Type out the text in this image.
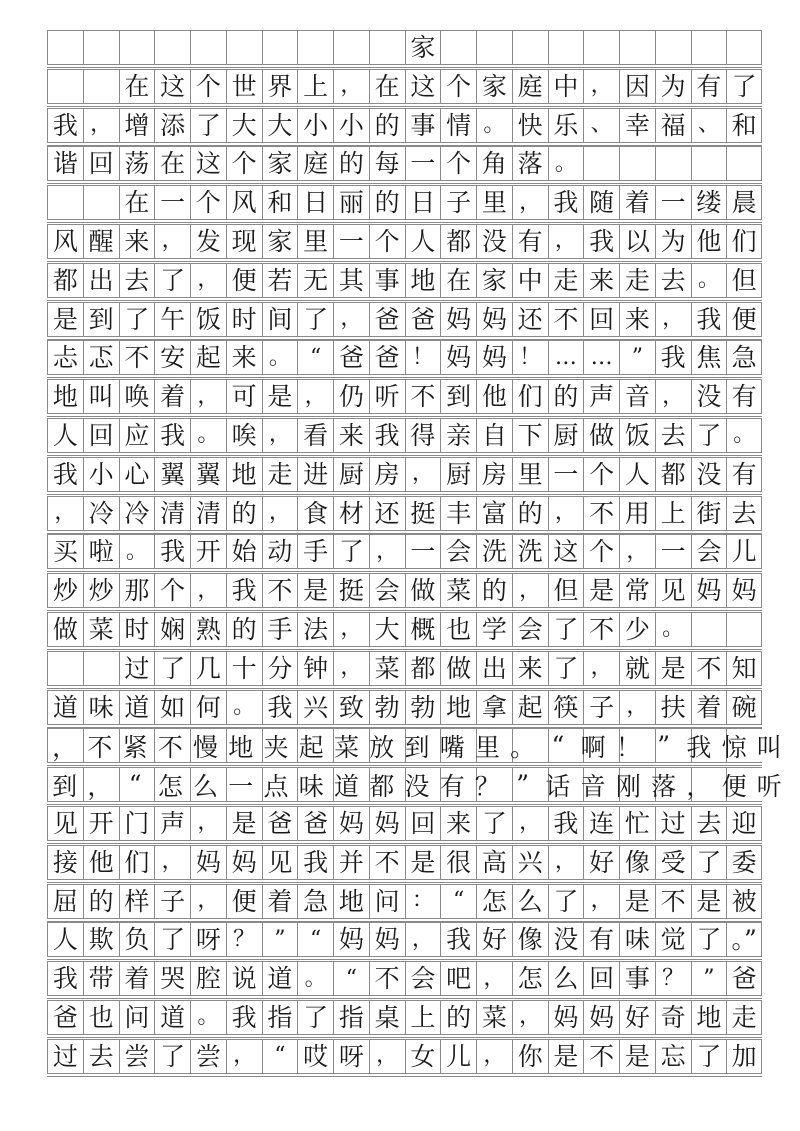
家
在 这 个 世 界 上 ， 在 这 个 家 庭 中 ， 因 为 有 了
我 ， 增 添 了 大 大 小 小 的 事 情 。 快 乐 、 幸 福 、 和
谐 回 荡 在 这 个 家 庭 的 每 一 个 角 落 。
在 一 个 风 和 日 丽 的 日 子 里 ， 我 随 着 一 缕 晨
风 醒 来 ， 发 现 家 里 一 个 人 都 没 有 ， 我 以 为 他 们
都 出 去 了 ， 便 若 无 其 事 地 在 家 中 走 来 走 去 。 但
是 到 了 午 饭 时 间 了 ， 爸 爸 妈 妈 还 不 回 来 ， 我 便
忐 忑 不 安 起 来 。 “ 爸 爸 ！ 妈 妈 ！ … … ” 我 焦 急
地 叫 唤 着 ， 可 是 ， 仍 听 不 到 他 们 的 声 音 ， 没 有
人 回 应 我 。 唉 ， 看 来 我 得 亲 自 下 厨 做 饭 去 了 。
我 小 心 翼 翼 地 走 进 厨 房 ， 厨 房 里 一 个 人 都 没 有
， 冷 冷 清 清 的 ， 食 材 还 挺 丰 富 的 ， 不 用 上 街 去
买 啦 。 我 开 始 动 手 了 ， 一 会 洗 洗 这 个 ， 一 会 儿
炒 炒 那 个 ， 我 不 是 挺 会 做 菜 的 ， 但 是 常 见 妈 妈
做 菜 时 娴 熟 的 手 法 ， 大 概 也 学 会 了 不 少 。
过 了 几 十 分 钟 ， 菜 都 做 出 来 了 ， 就 是 不 知
道 味 道 如 何 。 我 兴 致 勃 勃 地 拿 起 筷 子 ， 扶 着 碗
， 不 紧 不 慢 地 夹 起 菜 放 到 嘴 里 。 “ 啊 ！ ” 我 惊 叫
到 ， “ 怎 么 一 点 味 道 都 没 有 ？ ” 话 音 刚 落 ， 便 听
见 开 门 声 ， 是 爸 爸 妈 妈 回 来 了 ， 我 连 忙 过 去 迎
接 他 们 ， 妈 妈 见 我 并 不 是 很 高 兴 ， 好 像 受 了 委
屈 的 样 子 ， 便 着 急 地 问 ： “ 怎 么 了 ， 是 不 是 被
人 欺 负 了 呀 ？ ”	“ 妈 妈 ， 我 好 像 没 有 味 觉 了 。”
我 带 着 哭 腔 说 道 。 “ 不 会 吧 ， 怎 么 回 事 ？ ” 爸
爸 也 问 道 。 我 指 了 指 桌 上 的 菜 ， 妈 妈 好 奇 地 走
过 去 尝 了 尝 ， “ 哎 呀 ， 女 儿 ， 你 是 不 是 忘 了 加
